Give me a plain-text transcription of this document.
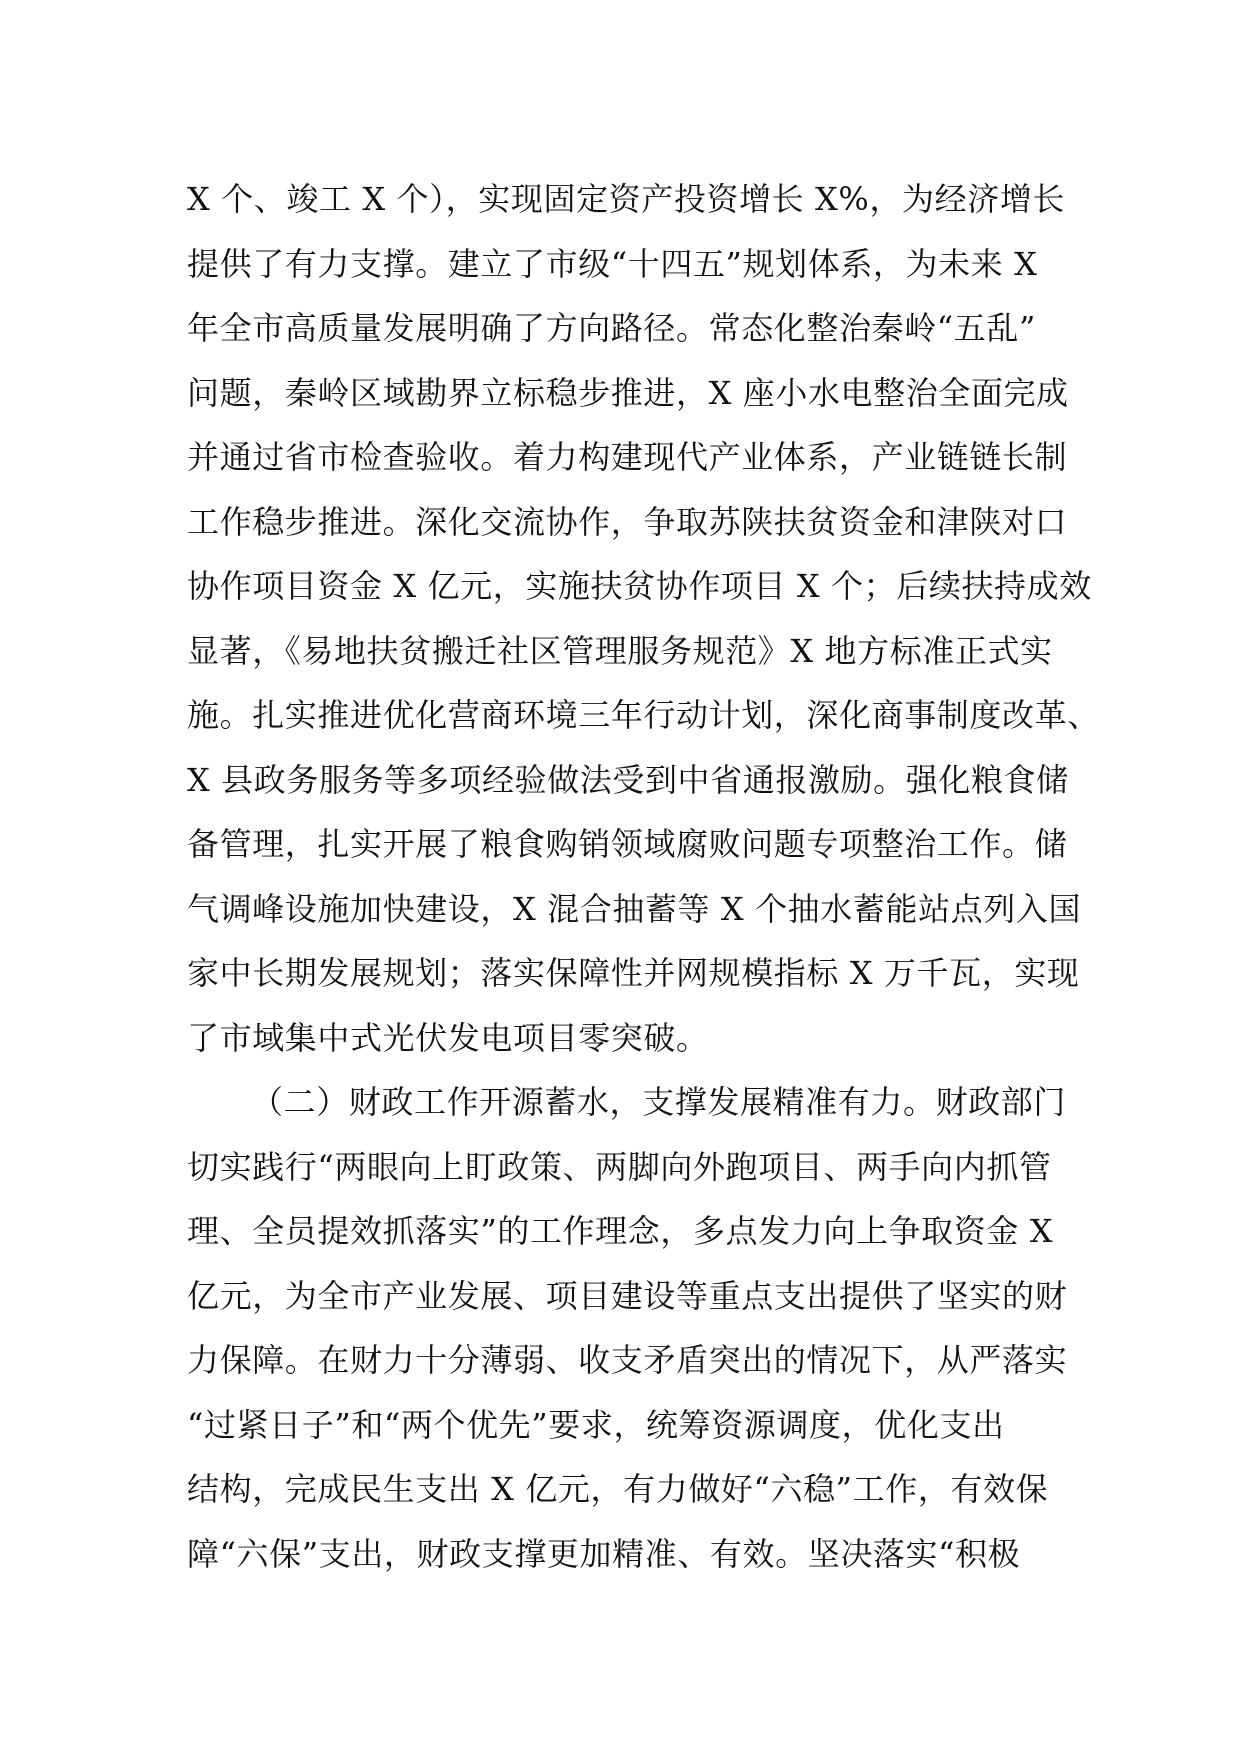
X 个、竣工 X 个），实现固定资产投资增长 X%，为经济增长
提供了有力支撑。建立了市级“十四五”规划体系，为未来 X
年全市高质量发展明确了方向路径。常态化整治秦岭“五乱”
问题，秦岭区域勘界立标稳步推进，X 座小水电整治全面完成
并通过省市检查验收。着力构建现代产业体系，产业链链长制
工作稳步推进。深化交流协作，争取苏陕扶贫资金和津陕对口
协作项目资金 X 亿元，实施扶贫协作项目 X 个；后续扶持成效
显著，《易地扶贫搬迁社区管理服务规范》X 地方标准正式实
施。扎实推进优化营商环境三年行动计划，深化商事制度改革、
X 县政务服务等多项经验做法受到中省通报激励。强化粮食储
备管理，扎实开展了粮食购销领域腐败问题专项整治工作。储
气调峰设施加快建设，X 混合抽蓄等 X 个抽水蓄能站点列入国
家中长期发展规划；落实保障性并网规模指标 X 万千瓦，实现
了市域集中式光伏发电项目零突破。
（二）财政工作开源蓄水，支撑发展精准有力。财政部门
切实践行“两眼向上盯政策、两脚向外跑项目、两手向内抓管
理、全员提效抓落实”的工作理念，多点发力向上争取资金 X
亿元，为全市产业发展、项目建设等重点支出提供了坚实的财
力保障。在财力十分薄弱、收支矛盾突出的情况下，从严落实
“过紧日子”和“两个优先”要求，统筹资源调度，优化支出
结构，完成民生支出 X 亿元，有力做好“六稳”工作，有效保
障“六保”支出，财政支撑更加精准、有效。坚决落实“积极
